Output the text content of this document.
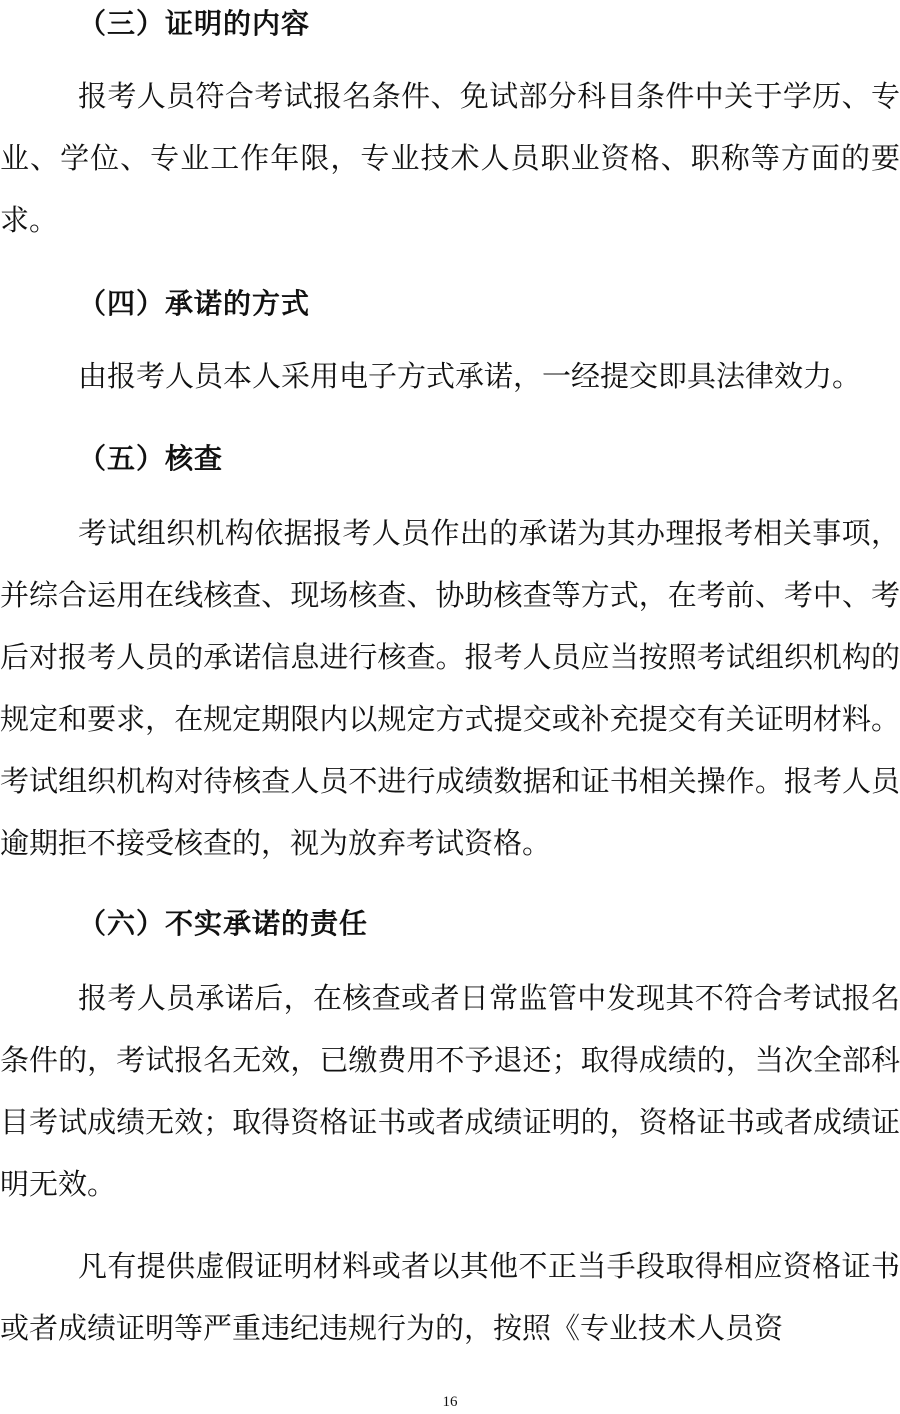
（三）证明的内容

报考人员符合考试报名条件、免试部分科目条件中关于学历、专业、学位、专业工作年限，专业技术人员职业资格、职称等方面的要求。

（四）承诺的方式

由报考人员本人采用电子方式承诺，一经提交即具法律效力。

（五）核查

考试组织机构依据报考人员作出的承诺为其办理报考相关事项，并综合运用在线核查、现场核查、协助核查等方式，在考前、考中、考后对报考人员的承诺信息进行核查。报考人员应当按照考试组织机构的规定和要求，在规定期限内以规定方式提交或补充提交有关证明材料。考试组织机构对待核查人员不进行成绩数据和证书相关操作。报考人员逾期拒不接受核查的，视为放弃考试资格。

（六）不实承诺的责任

报考人员承诺后，在核查或者日常监管中发现其不符合考试报名条件的，考试报名无效，已缴费用不予退还；取得成绩的，当次全部科目考试成绩无效；取得资格证书或者成绩证明的，资格证书或者成绩证明无效。

凡有提供虚假证明材料或者以其他不正当手段取得相应资格证书或者成绩证明等严重违纪违规行为的，按照《专业技术人员资

16
